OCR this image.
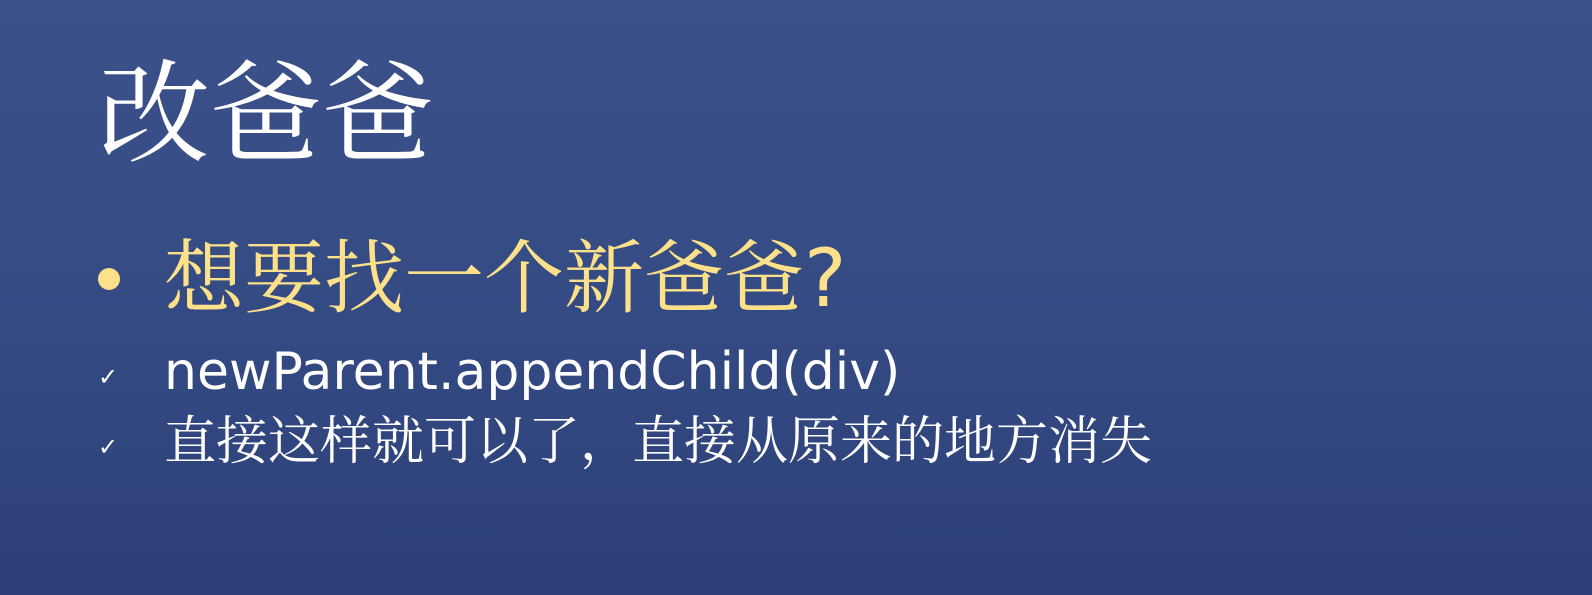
改爸爸
想要找一个新爸爸?
✓ newParent.appendChild(div)
✓ 直接这样就可以了，直接从原来的地方消失
